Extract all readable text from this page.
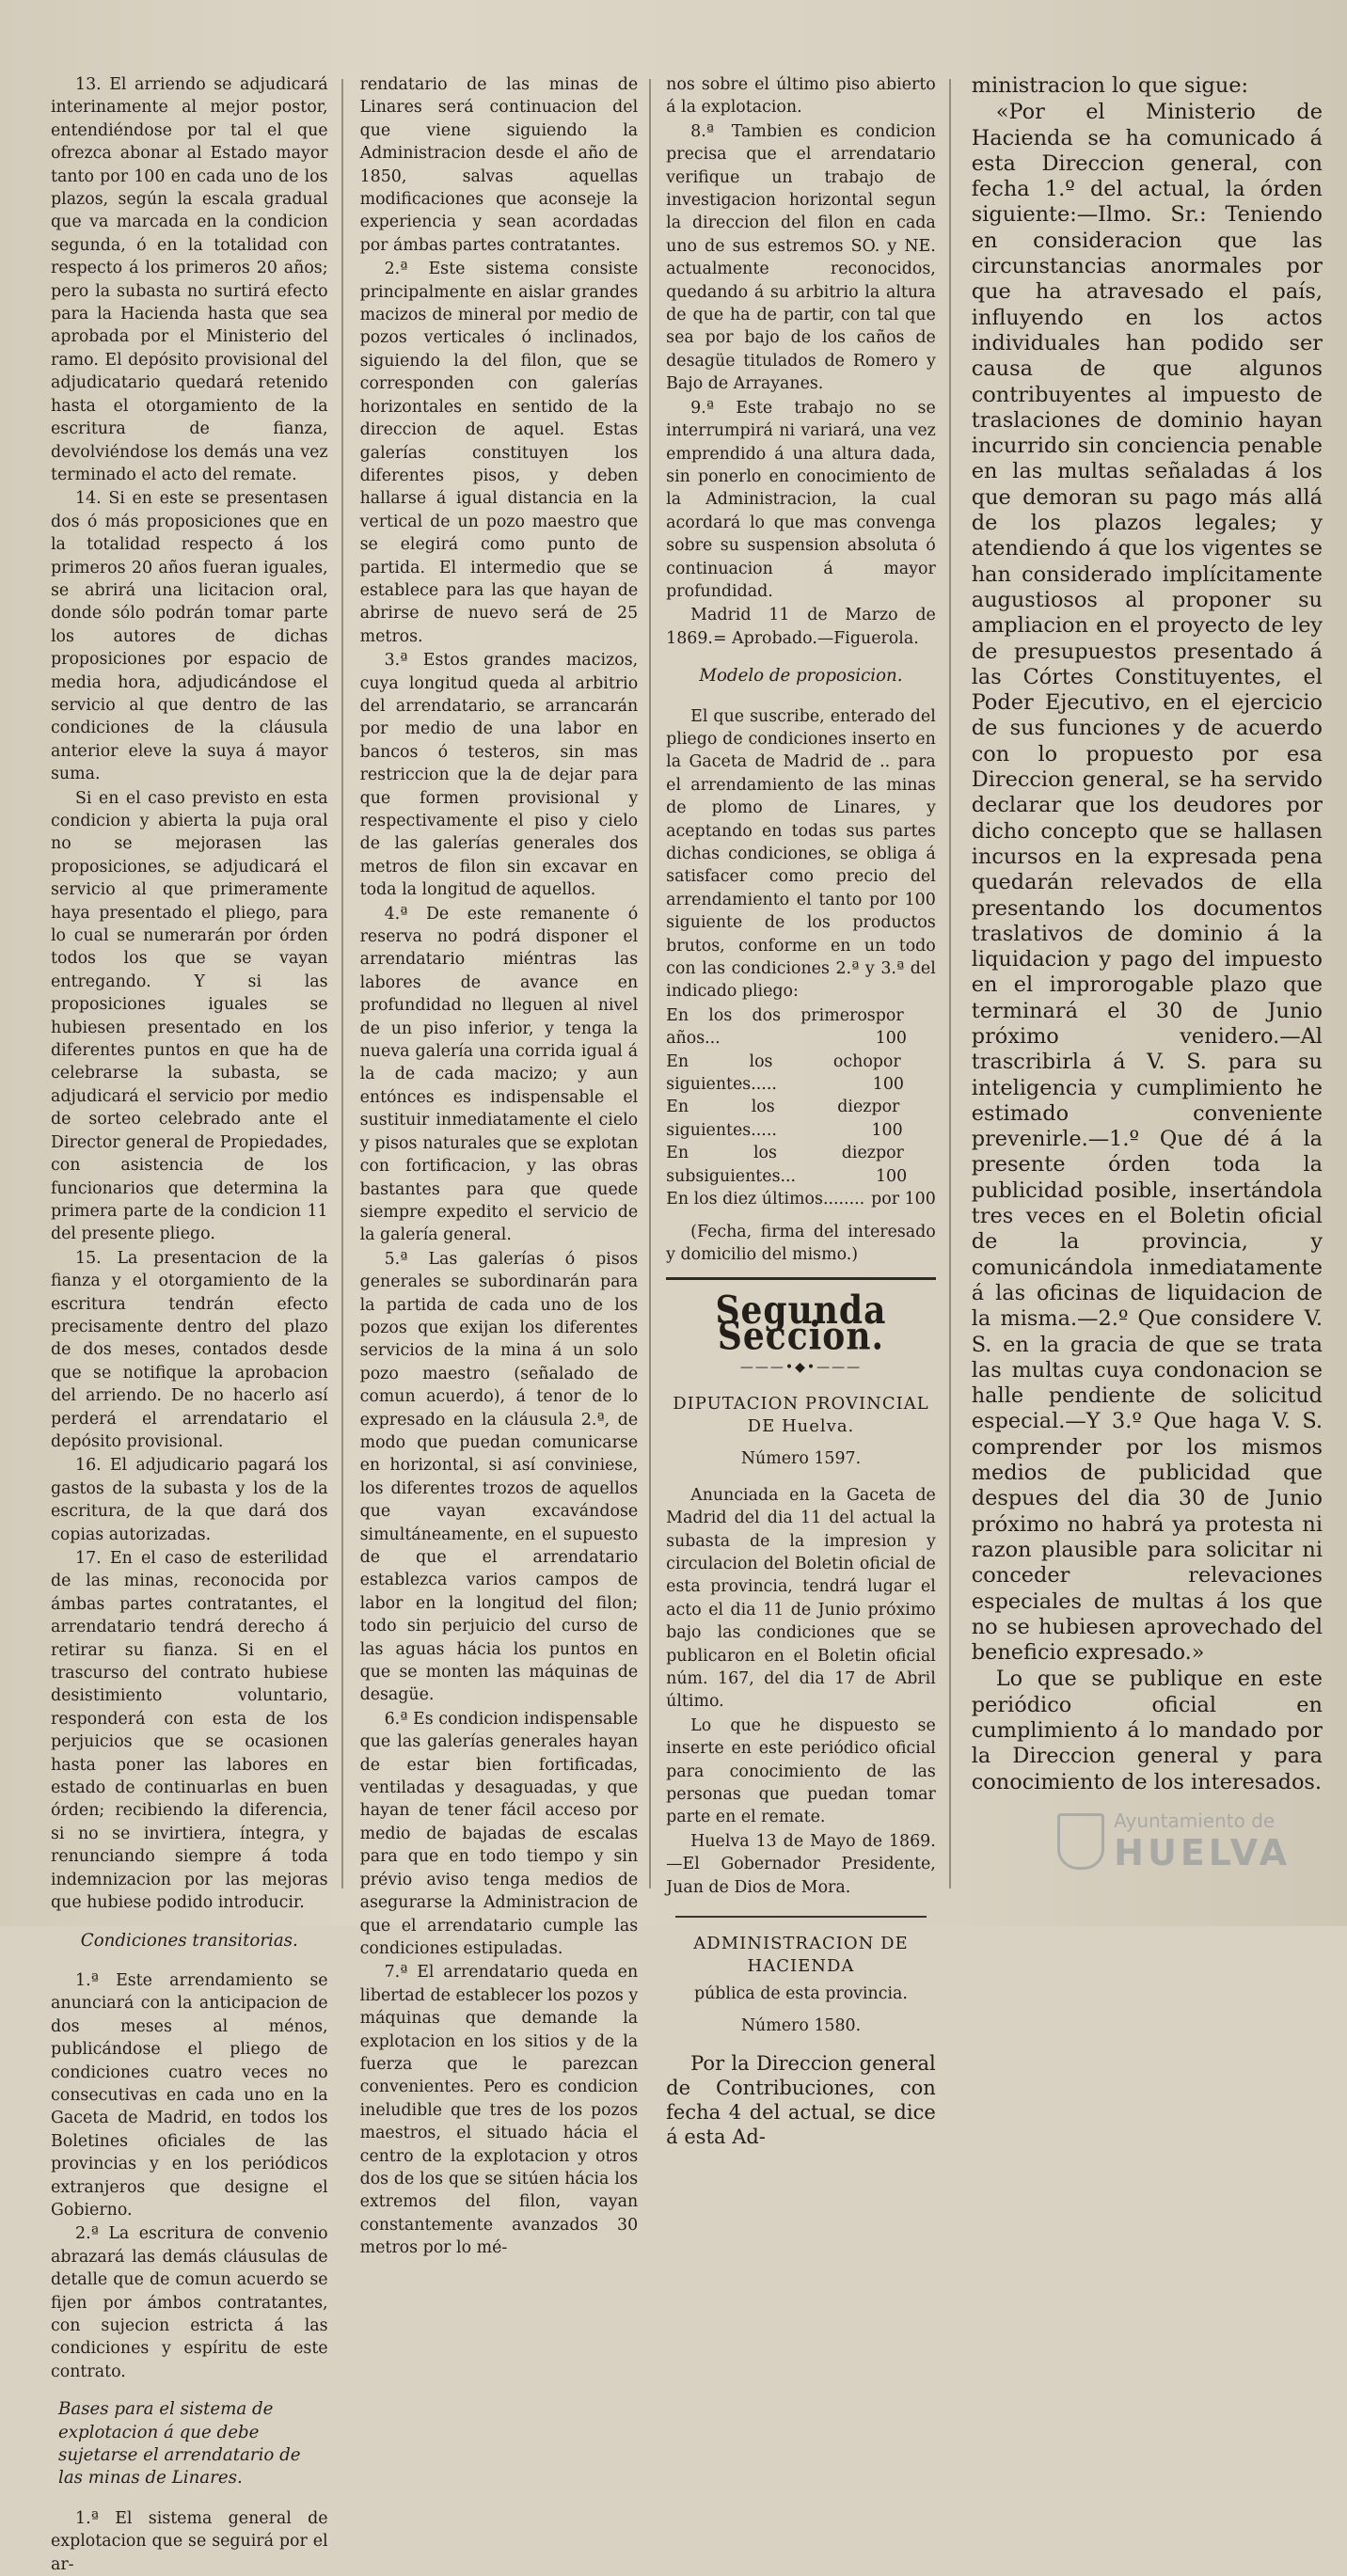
13. El arriendo se adjudicará interinamente al mejor postor, entendiéndose por tal el que ofrezca abonar al Estado mayor tanto por 100 en cada uno de los plazos, según la escala gradual que va marcada en la condicion segunda, ó en la totalidad con respecto á los primeros 20 años; pero la subasta no surtirá efecto para la Hacienda hasta que sea aprobada por el Ministerio del ramo. El depósito provisional del adjudicatario quedará retenido hasta el otorgamiento de la escritura de fianza, devolviéndose los demás una vez terminado el acto del remate.

14. Si en este se presentasen dos ó más proposiciones que en la totalidad respecto á los primeros 20 años fueran iguales, se abrirá una licitacion oral, donde sólo podrán tomar parte los autores de dichas proposiciones por espacio de media hora, adjudicándose el servicio al que dentro de las condiciones de la cláusula anterior eleve la suya á mayor suma.

Si en el caso previsto en esta condicion y abierta la puja oral no se mejorasen las proposiciones, se adjudicará el servicio al que primeramente haya presentado el pliego, para lo cual se numerarán por órden todos los que se vayan entregando. Y si las proposiciones iguales se hubiesen presentado en los diferentes puntos en que ha de celebrarse la subasta, se adjudicará el servicio por medio de sorteo celebrado ante el Director general de Propiedades, con asistencia de los funcionarios que determina la primera parte de la condicion 11 del presente pliego.

15. La presentacion de la fianza y el otorgamiento de la escritura tendrán efecto precisamente dentro del plazo de dos meses, contados desde que se notifique la aprobacion del arriendo. De no hacerlo así perderá el arrendatario el depósito provisional.

16. El adjudicario pagará los gastos de la subasta y los de la escritura, de la que dará dos copias autorizadas.

17. En el caso de esterilidad de las minas, reconocida por ámbas partes contratantes, el arrendatario tendrá derecho á retirar su fianza. Si en el trascurso del contrato hubiese desistimiento voluntario, responderá con esta de los perjuicios que se ocasionen hasta poner las labores en estado de continuarlas en buen órden; recibiendo la diferencia, si no se invirtiera, íntegra, y renunciando siempre á toda indemnizacion por las mejoras que hubiese podido introducir.

Condiciones transitorias.

1.ª Este arrendamiento se anunciará con la anticipacion de dos meses al ménos, publicándose el pliego de condiciones cuatro veces no consecutivas en cada uno en la Gaceta de Madrid, en todos los Boletines oficiales de las provincias y en los periódicos extranjeros que designe el Gobierno.

2.ª La escritura de convenio abrazará las demás cláusulas de detalle que de comun acuerdo se fijen por ámbos contratantes, con sujecion estricta á las condiciones y espíritu de este contrato.

Bases para el sistema de explotacion á que debe sujetarse el arrendatario de las minas de Linares.

1.ª El sistema general de explotacion que se seguirá por el ar-

rendatario de las minas de Linares será continuacion del que viene siguiendo la Administracion desde el año de 1850, salvas aquellas modificaciones que aconseje la experiencia y sean acordadas por ámbas partes contratantes.

2.ª Este sistema consiste principalmente en aislar grandes macizos de mineral por medio de pozos verticales ó inclinados, siguiendo la del filon, que se corresponden con galerías horizontales en sentido de la direccion de aquel. Estas galerías constituyen los diferentes pisos, y deben hallarse á igual distancia en la vertical de un pozo maestro que se elegirá como punto de partida. El intermedio que se establece para las que hayan de abrirse de nuevo será de 25 metros.

3.ª Estos grandes macizos, cuya longitud queda al arbitrio del arrendatario, se arrancarán por medio de una labor en bancos ó testeros, sin mas restriccion que la de dejar para que formen provisional y respectivamente el piso y cielo de las galerías generales dos metros de filon sin excavar en toda la longitud de aquellos.

4.ª De este remanente ó reserva no podrá disponer el arrendatario miéntras las labores de avance en profundidad no lleguen al nivel de un piso inferior, y tenga la nueva galería una corrida igual á la de cada macizo; y aun entónces es indispensable el sustituir inmediatamente el cielo y pisos naturales que se explotan con fortificacion, y las obras bastantes para que quede siempre expedito el servicio de la galería general.

5.ª Las galerías ó pisos generales se subordinarán para la partida de cada uno de los pozos que exijan los diferentes servicios de la mina á un solo pozo maestro (señalado de comun acuerdo), á tenor de lo expresado en la cláusula 2.ª, de modo que puedan comunicarse en horizontal, si así conviniese, los diferentes trozos de aquellos que vayan excavándose simultáneamente, en el supuesto de que el arrendatario establezca varios campos de labor en la longitud del filon; todo sin perjuicio del curso de las aguas hácia los puntos en que se monten las máquinas de desagüe.

6.ª Es condicion indispensable que las galerías generales hayan de estar bien fortificadas, ventiladas y desaguadas, y que hayan de tener fácil acceso por medio de bajadas de escalas para que en todo tiempo y sin prévio aviso tenga medios de asegurarse la Administracion de que el arrendatario cumple las condiciones estipuladas.

7.ª El arrendatario queda en libertad de establecer los pozos y máquinas que demande la explotacion en los sitios y de la fuerza que le parezcan convenientes. Pero es condicion ineludible que tres de los pozos maestros, el situado hácia el centro de la explotacion y otros dos de los que se sitúen hácia los extremos del filon, vayan constantemente avanzados 30 metros por lo mé-

nos sobre el último piso abierto á la explotacion.

8.ª Tambien es condicion precisa que el arrendatario verifique un trabajo de investigacion horizontal segun la direccion del filon en cada uno de sus estremos SO. y NE. actualmente reconocidos, quedando á su arbitrio la altura de que ha de partir, con tal que sea por bajo de los caños de desagüe titulados de Romero y Bajo de Arrayanes.

9.ª Este trabajo no se interrumpirá ni variará, una vez emprendido á una altura dada, sin ponerlo en conocimiento de la Administracion, la cual acordará lo que mas convenga sobre su suspension absoluta ó continuacion á mayor profundidad.

Madrid 11 de Marzo de 1869.= Aprobado.—Figuerola.

Modelo de proposicion.

El que suscribe, enterado del pliego de condiciones inserto en la Gaceta de Madrid de .. para el arrendamiento de las minas de plomo de Linares, y aceptando en todas sus partes dichas condiciones, se obliga á satisfacer como precio del arrendamiento el tanto por 100 siguiente de los productos brutos, conforme en un todo con las condiciones 2.ª y 3.ª del indicado pliego:

En los dos primeros años...
por 100
En los ocho siguientes.....
por 100
En los diez siguientes.....
por 100
En los diez subsiguientes...
por 100
En los diez últimos........ por 100

(Fecha, firma del interesado y domicilio del mismo.)

Segunda Seccion.
———•◆•———
DIPUTACION PROVINCIAL DE Huelva.
Número 1597.

Anunciada en la Gaceta de Madrid del dia 11 del actual la subasta de la impresion y circulacion del Boletin oficial de esta provincia, tendrá lugar el acto el dia 11 de Junio próximo bajo las condiciones que se publicaron en el Boletin oficial núm. 167, del dia 17 de Abril último.

Lo que he dispuesto se inserte en este periódico oficial para conocimiento de las personas que puedan tomar parte en el remate.

Huelva 13 de Mayo de 1869.—El Gobernador Presidente, Juan de Dios de Mora.

ADMINISTRACION DE HACIENDA
pública de esta provincia.
Número 1580.

Por la Direccion general de Contribuciones, con fecha 4 del actual, se dice á esta Ad-

ministracion lo que sigue:

«Por el Ministerio de Hacienda se ha comunicado á esta Direccion general, con fecha 1.º del actual, la órden siguiente:—Ilmo. Sr.: Teniendo en consideracion que las circunstancias anormales por que ha atravesado el país, influyendo en los actos individuales han podido ser causa de que algunos contribuyentes al impuesto de traslaciones de dominio hayan incurrido sin conciencia penable en las multas señaladas á los que demoran su pago más allá de los plazos legales; y atendiendo á que los vigentes se han considerado implícitamente augustiosos al proponer su ampliacion en el proyecto de ley de presupuestos presentado á las Córtes Constituyentes, el Poder Ejecutivo, en el ejercicio de sus funciones y de acuerdo con lo propuesto por esa Direccion general, se ha servido declarar que los deudores por dicho concepto que se hallasen incursos en la expresada pena quedarán relevados de ella presentando los documentos traslativos de dominio á la liquidacion y pago del impuesto en el improrogable plazo que terminará el 30 de Junio próximo venidero.—Al trascribirla á V. S. para su inteligencia y cumplimiento he estimado conveniente prevenirle.—1.º Que dé á la presente órden toda la publicidad posible, insertándola tres veces en el Boletin oficial de la provincia, y comunicándola inmediatamente á las oficinas de liquidacion de la misma.—2.º Que considere V. S. en la gracia de que se trata las multas cuya condonacion se halle pendiente de solicitud especial.—Y 3.º Que haga V. S. comprender por los mismos medios de publicidad que despues del dia 30 de Junio próximo no habrá ya protesta ni razon plausible para solicitar ni conceder relevaciones especiales de multas á los que no se hubiesen aprovechado del beneficio expresado.»

Lo que se publique en este periódico oficial en cumplimiento á lo mandado por la Direccion general y para conocimiento de los interesados.

Ayuntamiento de
HUELVA
